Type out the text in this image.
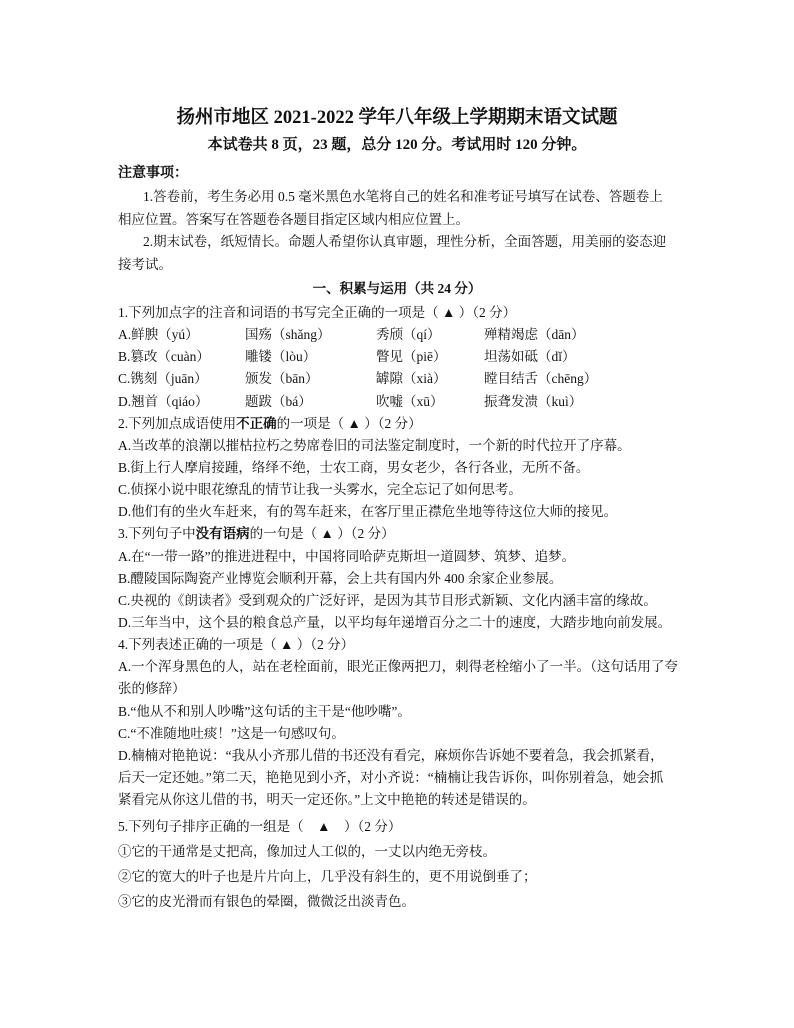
扬州市地区 2021-2022 学年八年级上学期期末语文试题
本试卷共 8 页，23 题，总分 120 分。考试用时 120 分钟。
注意事项：
1.答卷前，考生务必用 0.5 毫米黑色水笔将自己的姓名和准考证号填写在试卷、答题卷上
相应位置。答案写在答题卷各题目指定区域内相应位置上。
2.期末试卷，纸短情长。命题人希望你认真审题，理性分析，全面答题，用美丽的姿态迎
接考试。
一、积累与运用（共 24 分）
1.下列加点字的注音和词语的书写完全正确的一项是（ ▲ ）（2 分）
A.鲜腴（yú）	国殇（shǎng）	秀颀（qí）	殚精竭虑（dān）
B.篡改（cuàn）	雕镂（lòu）	瞥见（piē）	坦荡如砥（dǐ）
C.镌刻（juān）	颁发（bān）	罅隙（xià）	瞠目结舌（chēng）
D.翘首（qiáo）	题跋（bá）	吹嘘（xū）	振聋发溃（kuì）
2.下列加点成语使用不正确的一项是（ ▲ ）（2 分）
A.当改革的浪潮以摧枯拉朽之势席卷旧的司法鉴定制度时，一个新的时代拉开了序幕。
B.街上行人摩肩接踵，络绎不绝，士农工商，男女老少，各行各业，无所不备。
C.侦探小说中眼花缭乱的情节让我一头雾水，完全忘记了如何思考。
D.他们有的坐火车赶来，有的驾车赶来，在客厅里正襟危坐地等待这位大师的接见。
3.下列句子中没有语病的一句是（ ▲ ）（2 分）
A.在“一带一路”的推进进程中，中国将同哈萨克斯坦一道圆梦、筑梦、追梦。
B.醴陵国际陶瓷产业博览会顺利开幕，会上共有国内外 400 余家企业参展。
C.央视的《朗读者》受到观众的广泛好评，是因为其节目形式新颖、文化内涵丰富的缘故。
D.三年当中，这个县的粮食总产量，以平均每年递增百分之二十的速度，大踏步地向前发展。
4.下列表述正确的一项是（ ▲ ）（2 分）
A.一个浑身黑色的人，站在老栓面前，眼光正像两把刀，刺得老栓缩小了一半。（这句话用了夸
张的修辞）
B.“他从不和别人吵嘴”这句话的主干是“他吵嘴”。
C.“不准随地吐痰！”这是一句感叹句。
D.楠楠对艳艳说：“我从小齐那儿借的书还没有看完，麻烦你告诉她不要着急，我会抓紧看，
后天一定还她。”第二天，艳艳见到小齐，对小齐说：“楠楠让我告诉你，叫你别着急，她会抓
紧看完从你这儿借的书，明天一定还你。”上文中艳艳的转述是错误的。
5.下列句子排序正确的一组是（　▲　）（2 分）
①它的干通常是丈把高，像加过人工似的，一丈以内绝无旁枝。
②它的宽大的叶子也是片片向上，几乎没有斜生的，更不用说倒垂了；
③它的皮光滑而有银色的晕圈，微微泛出淡青色。
